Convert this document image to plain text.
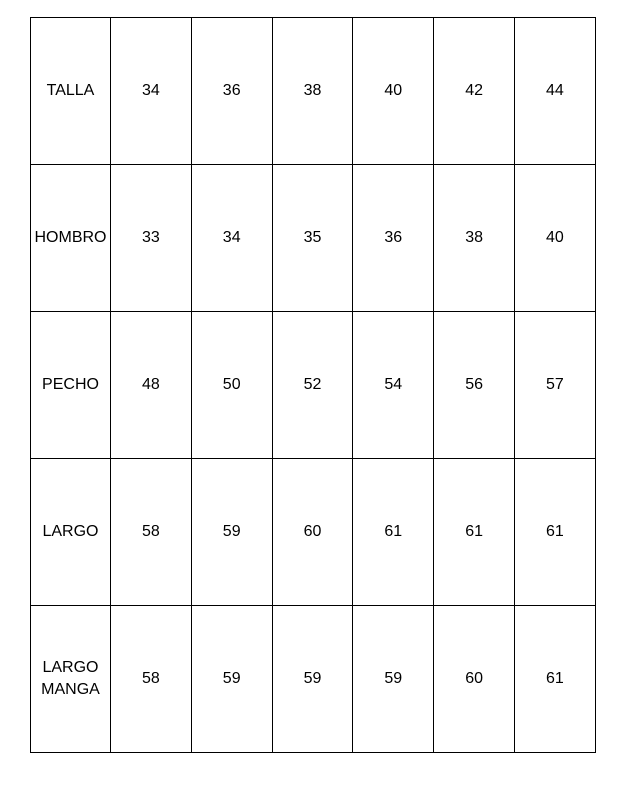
TALLA	34	36	38	40	42	44
HOMBRO	33	34	35	36	38	40
PECHO	48	50	52	54	56	57
LARGO	58	59	60	61	61	61
LARGO
MANGA	58	59	59	59	60	61
